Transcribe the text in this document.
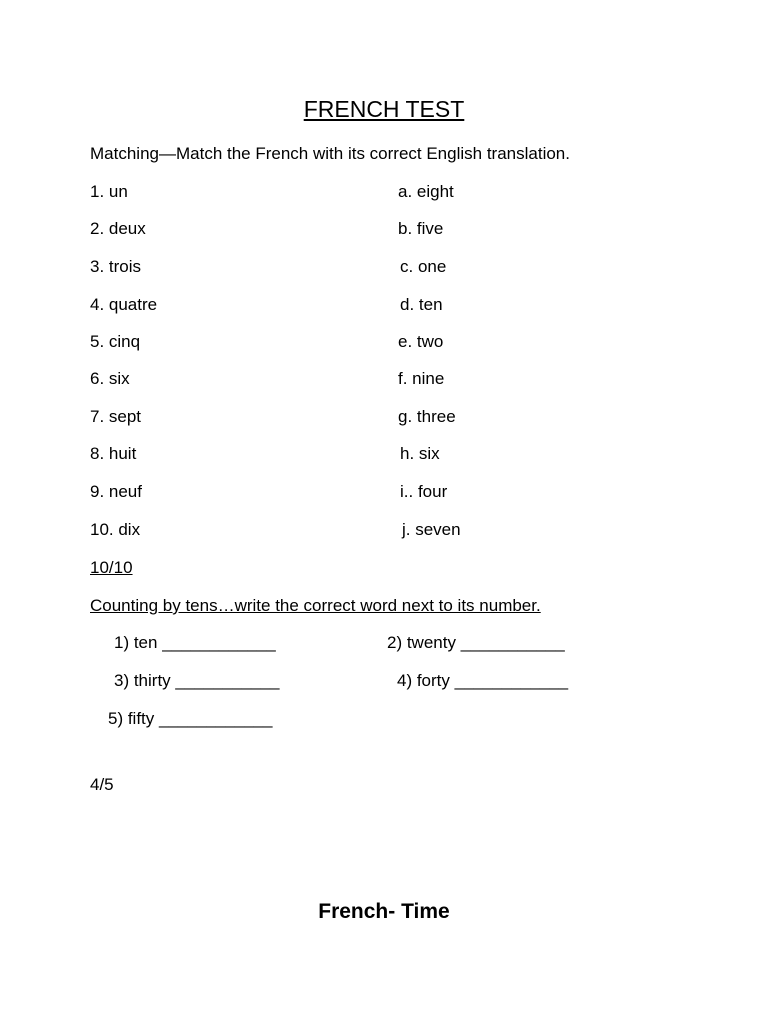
FRENCH TEST
Matching—Match the French with its correct English translation.
1. un
2. deux
3. trois
4. quatre
5. cinq
6. six
7. sept
8. huit
9. neuf
10. dix
a. eight
b. five
c. one
d. ten
e. two
f. nine
g. three
h. six
i.. four
j. seven
10/10
Counting by tens…write the correct word next to its number.
1) ten ____________	2) twenty ___________
3) thirty ___________	4) forty ____________
5) fifty ____________
4/5
French- Time
